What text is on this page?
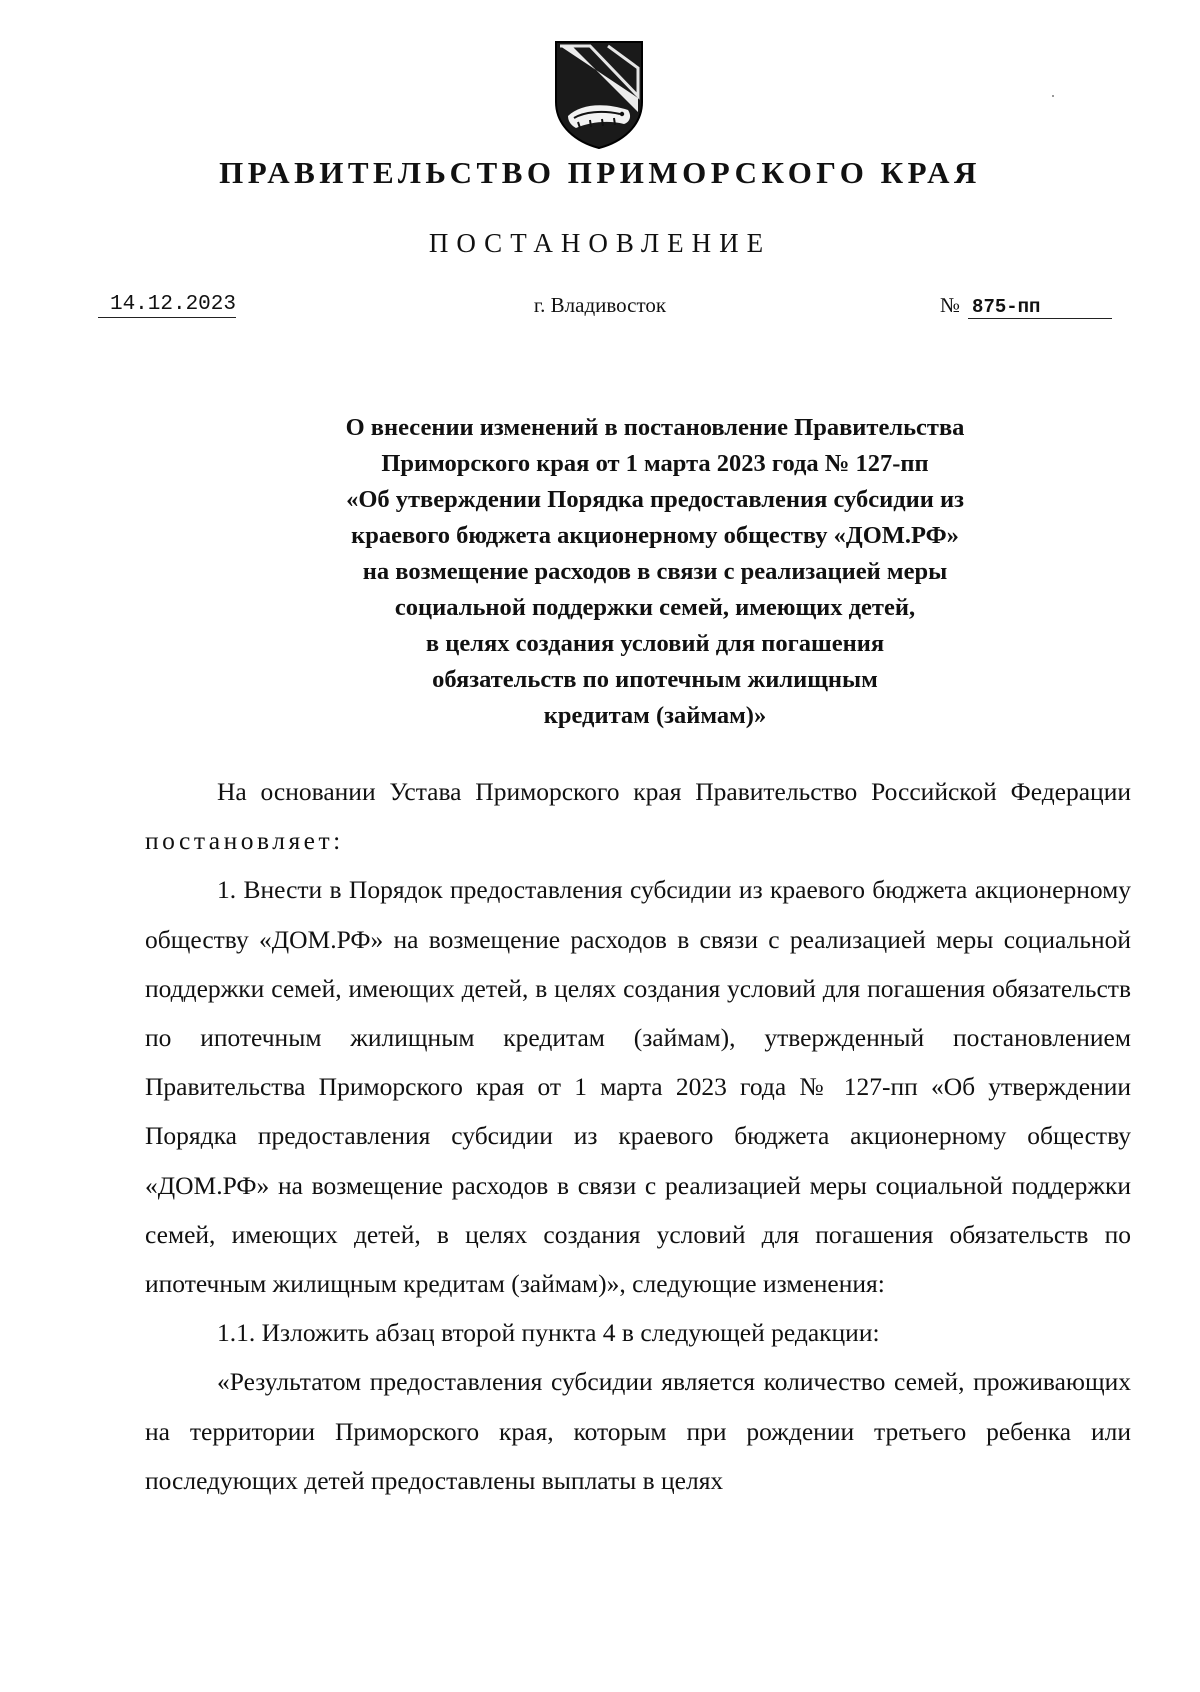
ПРАВИТЕЛЬСТВО ПРИМОРСКОГО КРАЯ
ПОСТАНОВЛЕНИЕ
14.12.2023	г. Владивосток	№ 875-пп
О внесении изменений в постановление Правительства
Приморского края от 1 марта 2023 года № 127-пп
«Об утверждении Порядка предоставления субсидии из
краевого бюджета акционерному обществу «ДОМ.РФ»
на возмещение расходов в связи с реализацией меры
социальной поддержки семей, имеющих детей,
в целях создания условий для погашения
обязательств по ипотечным жилищным
кредитам (займам)»

На основании Устава Приморского края Правительство Российской Федерации постановляет:

1. Внести в Порядок предоставления субсидии из краевого бюджета акционерному обществу «ДОМ.РФ» на возмещение расходов в связи с реализацией меры социальной поддержки семей, имеющих детей, в целях создания условий для погашения обязательств по ипотечным жилищным кредитам (займам), утвержденный постановлением Правительства Приморского края от 1 марта 2023 года № 127-пп «Об утверждении Порядка предоставления субсидии из краевого бюджета акционерному обществу «ДОМ.РФ» на возмещение расходов в связи с реализацией меры социальной поддержки семей, имеющих детей, в целях создания условий для погашения обязательств по ипотечным жилищным кредитам (займам)», следующие изменения:

1.1. Изложить абзац второй пункта 4 в следующей редакции:

«Результатом предоставления субсидии является количество семей, проживающих на территории Приморского края, которым при рождении третьего ребенка или последующих детей предоставлены выплаты в целях
